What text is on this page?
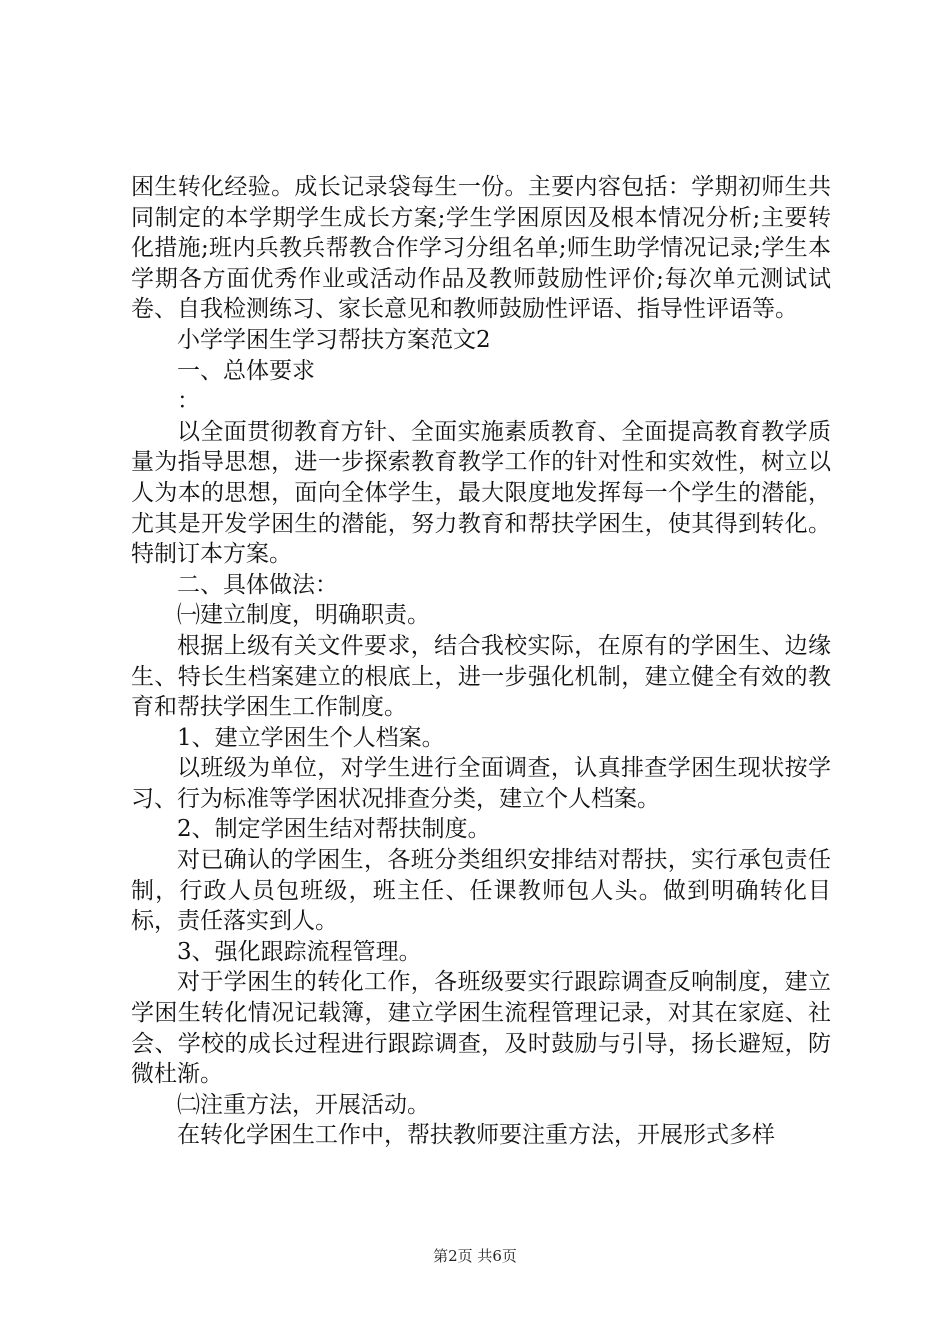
困生转化经验。成长记录袋每生一份。主要内容包括：学期初师生共同制定的本学期学生成长方案;学生学困原因及根本情况分析;主要转化措施;班内兵教兵帮教合作学习分组名单;师生助学情况记录;学生本学期各方面优秀作业或活动作品及教师鼓励性评价;每次单元测试试卷、自我检测练习、家长意见和教师鼓励性评语、指导性评语等。

小学学困生学习帮扶方案范文2

一、总体要求

：

以全面贯彻教育方针、全面实施素质教育、全面提高教育教学质量为指导思想，进一步探索教育教学工作的针对性和实效性，树立以人为本的思想，面向全体学生，最大限度地发挥每一个学生的潜能，尤其是开发学困生的潜能，努力教育和帮扶学困生，使其得到转化。特制订本方案。

二、具体做法：

㈠建立制度，明确职责。

根据上级有关文件要求，结合我校实际，在原有的学困生、边缘生、特长生档案建立的根底上，进一步强化机制，建立健全有效的教育和帮扶学困生工作制度。

1、建立学困生个人档案。

以班级为单位，对学生进行全面调查，认真排查学困生现状按学习、行为标准等学困状况排查分类，建立个人档案。

2、制定学困生结对帮扶制度。

对已确认的学困生，各班分类组织安排结对帮扶，实行承包责任制，行政人员包班级，班主任、任课教师包人头。做到明确转化目标，责任落实到人。

3、强化跟踪流程管理。

对于学困生的转化工作，各班级要实行跟踪调查反响制度，建立学困生转化情况记载簿，建立学困生流程管理记录，对其在家庭、社会、学校的成长过程进行跟踪调查，及时鼓励与引导，扬长避短，防微杜渐。

㈡注重方法，开展活动。

在转化学困生工作中，帮扶教师要注重方法，开展形式多样

第2页 共6页
